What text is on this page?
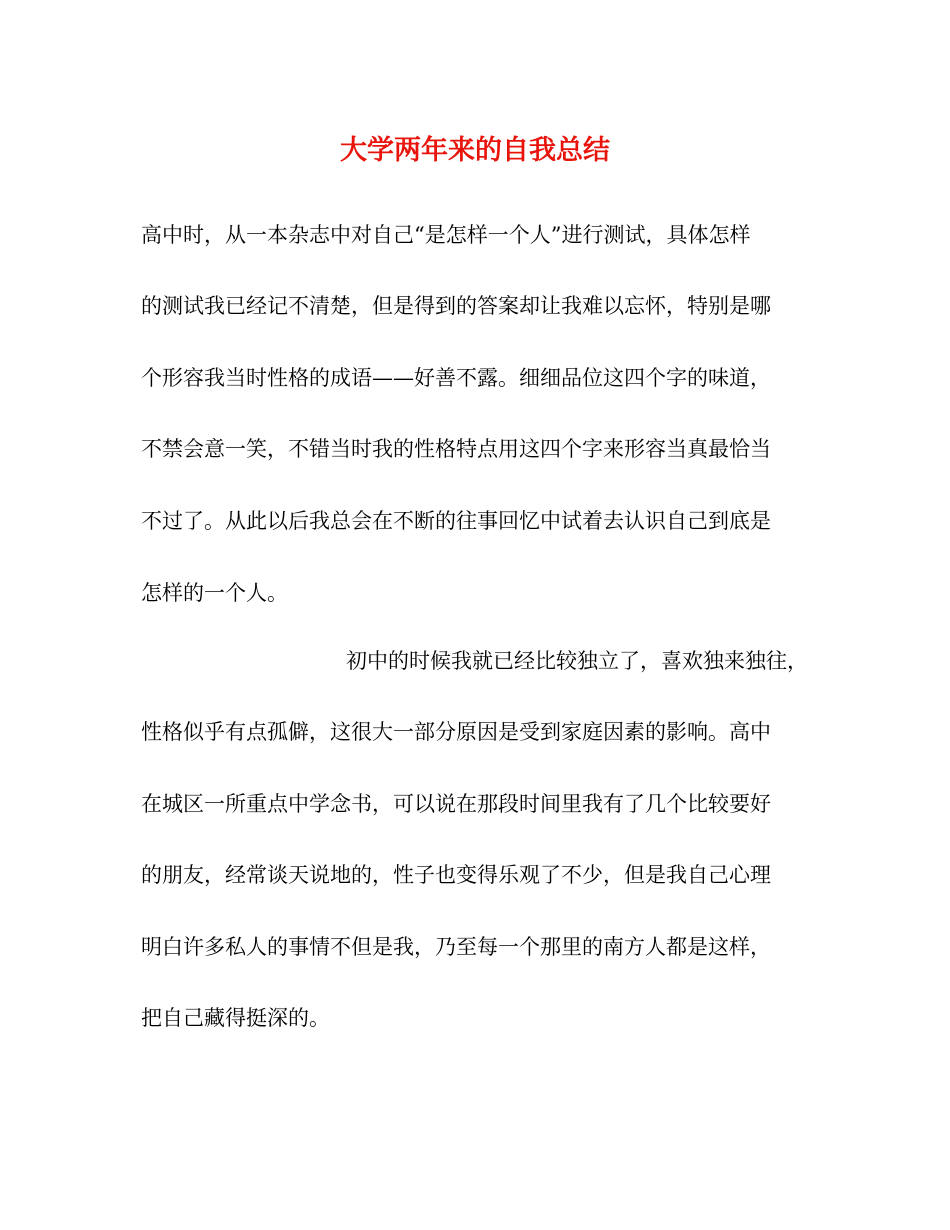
大学两年来的自我总结

高中时，从一本杂志中对自己“是怎样一个人”进行测试，具体怎样

的测试我已经记不清楚，但是得到的答案却让我难以忘怀，特别是哪

个形容我当时性格的成语——好善不露。细细品位这四个字的味道，

不禁会意一笑，不错当时我的性格特点用这四个字来形容当真最恰当

不过了。从此以后我总会在不断的往事回忆中试着去认识自己到底是

怎样的一个人。

初中的时候我就已经比较独立了，喜欢独来独往，

性格似乎有点孤僻，这很大一部分原因是受到家庭因素的影响。高中

在城区一所重点中学念书，可以说在那段时间里我有了几个比较要好

的朋友，经常谈天说地的，性子也变得乐观了不少，但是我自己心理

明白许多私人的事情不但是我，乃至每一个那里的南方人都是这样，

把自己藏得挺深的。
